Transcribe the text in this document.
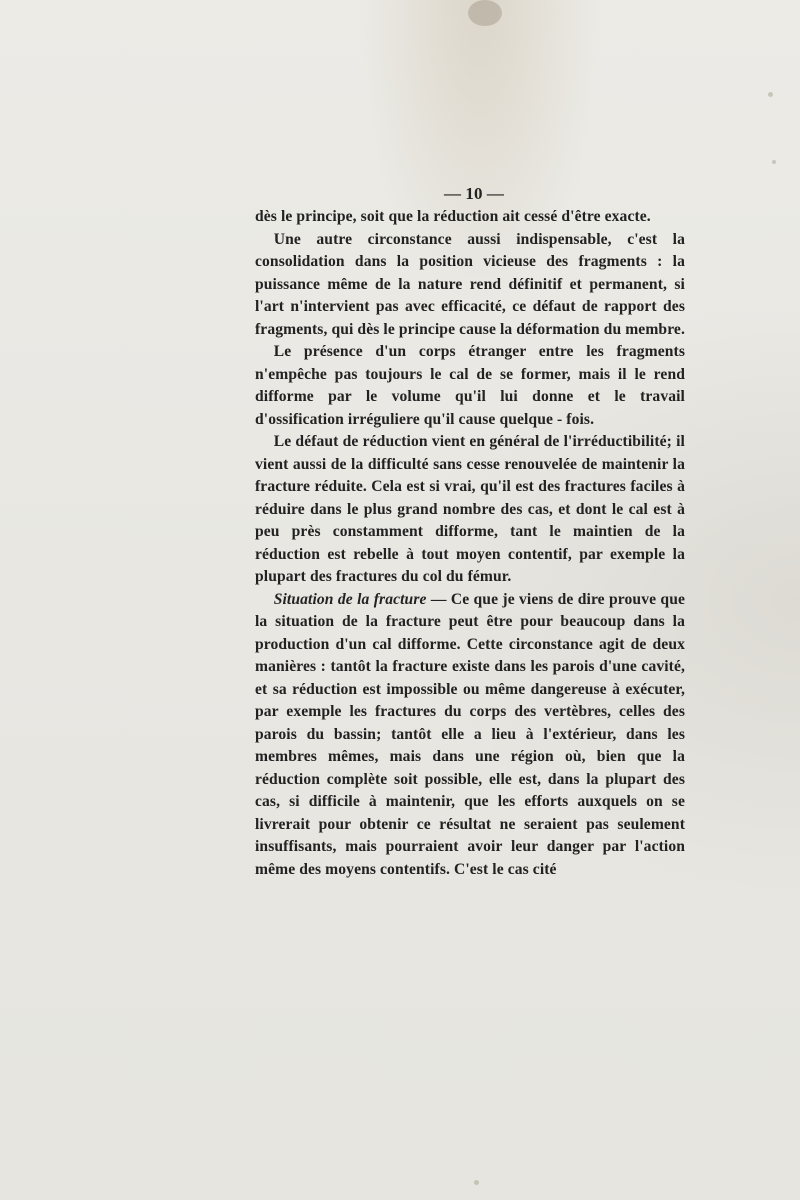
— 10 —

dès le principe, soit que la réduction ait cessé d'être exacte.

Une autre circonstance aussi indispensable, c'est la consolidation dans la position vicieuse des fragments : la puissance même de la nature rend définitif et permanent, si l'art n'intervient pas avec efficacité, ce défaut de rapport des fragments, qui dès le principe cause la déformation du membre.

Le présence d'un corps étranger entre les fragments n'empêche pas toujours le cal de se former, mais il le rend difforme par le volume qu'il lui donne et le travail d'ossification irréguliere qu'il cause quelque - fois.

Le défaut de réduction vient en général de l'irréductibilité; il vient aussi de la difficulté sans cesse renouvelée de maintenir la fracture réduite. Cela est si vrai, qu'il est des fractures faciles à réduire dans le plus grand nombre des cas, et dont le cal est à peu près constamment difforme, tant le maintien de la réduction est rebelle à tout moyen contentif, par exemple la plupart des fractures du col du fémur.

Situation de la fracture — Ce que je viens de dire prouve que la situation de la fracture peut être pour beaucoup dans la production d'un cal difforme. Cette circonstance agit de deux manières : tantôt la fracture existe dans les parois d'une cavité, et sa réduction est impossible ou même dangereuse à exécuter, par exemple les fractures du corps des vertèbres, celles des parois du bassin; tantôt elle a lieu à l'extérieur, dans les membres mêmes, mais dans une région où, bien que la réduction complète soit possible, elle est, dans la plupart des cas, si difficile à maintenir, que les efforts auxquels on se livrerait pour obtenir ce résultat ne seraient pas seulement insuffisants, mais pourraient avoir leur danger par l'action même des moyens contentifs. C'est le cas cité
